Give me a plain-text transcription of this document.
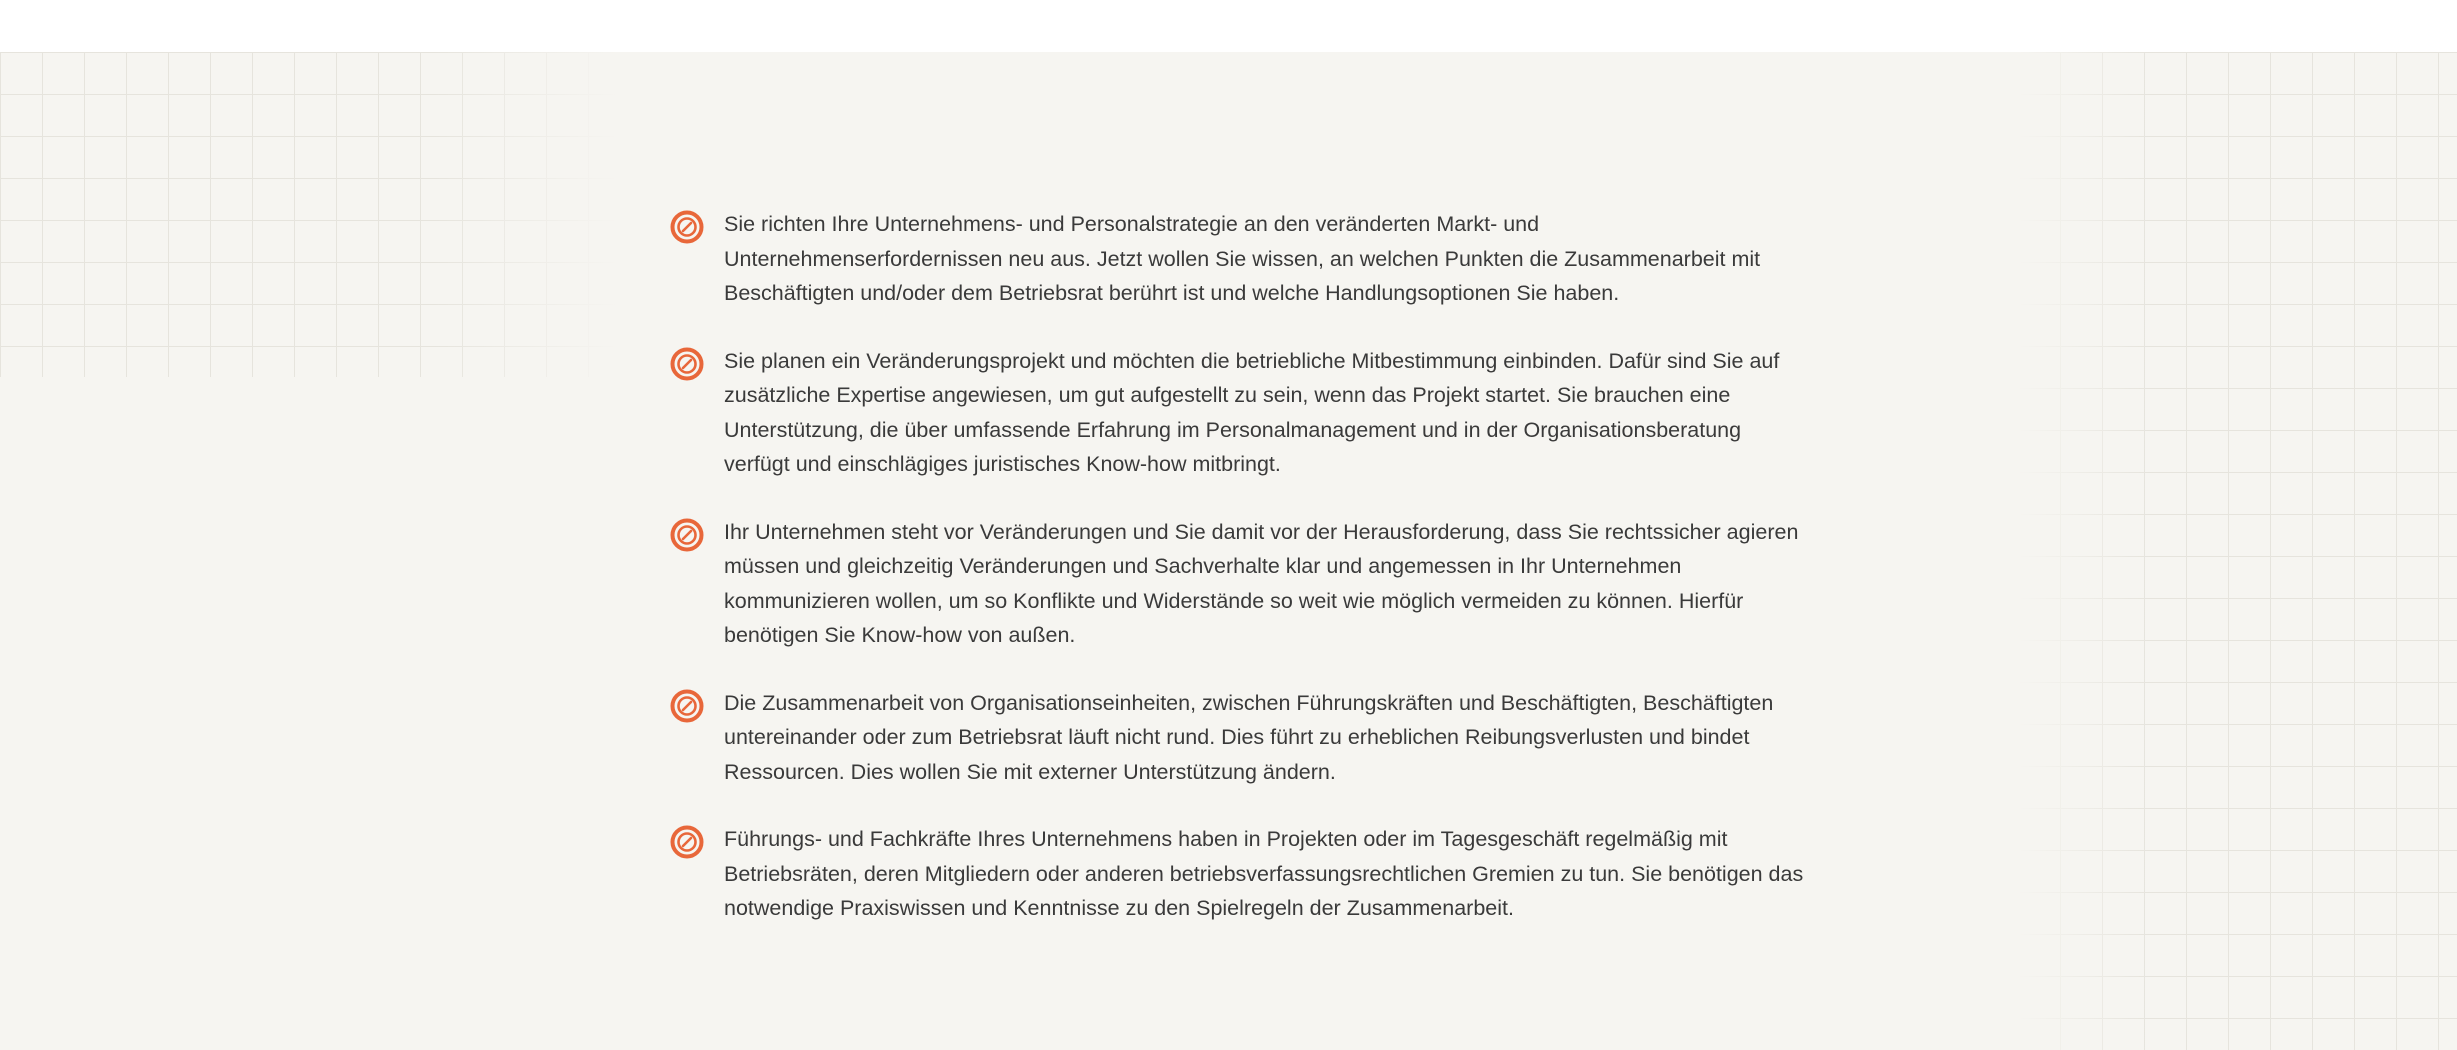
Sie richten Ihre Unternehmens- und Personalstrategie an den veränderten Markt- und Unternehmenserfordernissen neu aus. Jetzt wollen Sie wissen, an welchen Punkten die Zusammenarbeit mit Beschäftigten und/oder dem Betriebsrat berührt ist und welche Handlungsoptionen Sie haben.
Sie planen ein Veränderungsprojekt und möchten die betriebliche Mitbestimmung einbinden. Dafür sind Sie auf zusätzliche Expertise angewiesen, um gut aufgestellt zu sein, wenn das Projekt startet. Sie brauchen eine Unterstützung, die über umfassende Erfahrung im Personalmanagement und in der Organisationsberatung verfügt und einschlägiges juristisches Know-how mitbringt.
Ihr Unternehmen steht vor Veränderungen und Sie damit vor der Herausforderung, dass Sie rechtssicher agieren müssen und gleichzeitig Veränderungen und Sachverhalte klar und angemessen in Ihr Unternehmen kommunizieren wollen, um so Konflikte und Widerstände so weit wie möglich vermeiden zu können. Hierfür benötigen Sie Know-how von außen.
Die Zusammenarbeit von Organisationseinheiten, zwischen Führungskräften und Beschäftigten, Beschäftigten untereinander oder zum Betriebsrat läuft nicht rund. Dies führt zu erheblichen Reibungsverlusten und bindet Ressourcen. Dies wollen Sie mit externer Unterstützung ändern.
Führungs- und Fachkräfte Ihres Unternehmens haben in Projekten oder im Tagesgeschäft regelmäßig mit Betriebsräten, deren Mitgliedern oder anderen betriebsverfassungsrechtlichen Gremien zu tun. Sie benötigen das notwendige Praxiswissen und Kenntnisse zu den Spielregeln der Zusammenarbeit.
